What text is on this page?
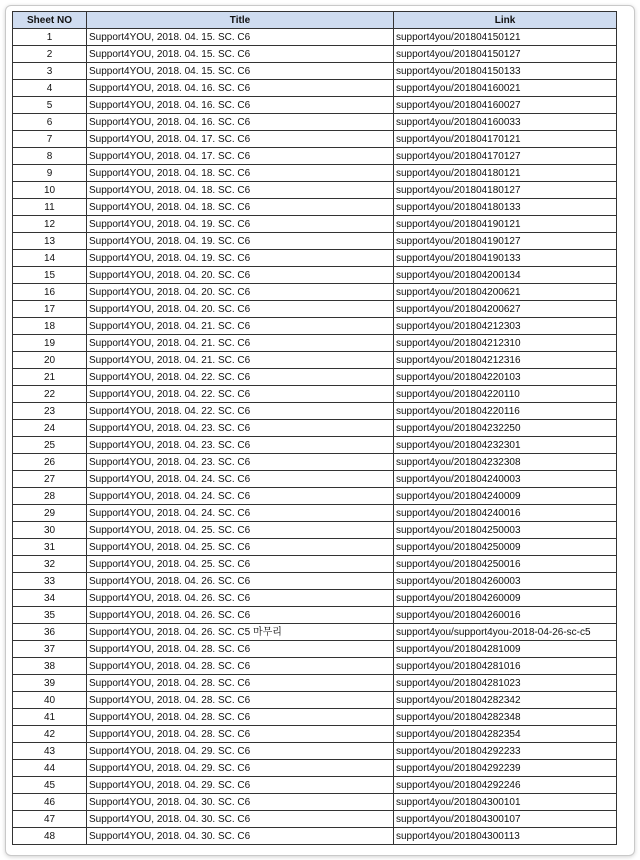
Sheet NO	Title	Link
1	Support4YOU, 2018. 04. 15. SC. C6	support4you/201804150121
2	Support4YOU, 2018. 04. 15. SC. C6	support4you/201804150127
3	Support4YOU, 2018. 04. 15. SC. C6	support4you/201804150133
4	Support4YOU, 2018. 04. 16. SC. C6	support4you/201804160021
5	Support4YOU, 2018. 04. 16. SC. C6	support4you/201804160027
6	Support4YOU, 2018. 04. 16. SC. C6	support4you/201804160033
7	Support4YOU, 2018. 04. 17. SC. C6	support4you/201804170121
8	Support4YOU, 2018. 04. 17. SC. C6	support4you/201804170127
9	Support4YOU, 2018. 04. 18. SC. C6	support4you/201804180121
10	Support4YOU, 2018. 04. 18. SC. C6	support4you/201804180127
11	Support4YOU, 2018. 04. 18. SC. C6	support4you/201804180133
12	Support4YOU, 2018. 04. 19. SC. C6	support4you/201804190121
13	Support4YOU, 2018. 04. 19. SC. C6	support4you/201804190127
14	Support4YOU, 2018. 04. 19. SC. C6	support4you/201804190133
15	Support4YOU, 2018. 04. 20. SC. C6	support4you/201804200134
16	Support4YOU, 2018. 04. 20. SC. C6	support4you/201804200621
17	Support4YOU, 2018. 04. 20. SC. C6	support4you/201804200627
18	Support4YOU, 2018. 04. 21. SC. C6	support4you/201804212303
19	Support4YOU, 2018. 04. 21. SC. C6	support4you/201804212310
20	Support4YOU, 2018. 04. 21. SC. C6	support4you/201804212316
21	Support4YOU, 2018. 04. 22. SC. C6	support4you/201804220103
22	Support4YOU, 2018. 04. 22. SC. C6	support4you/201804220110
23	Support4YOU, 2018. 04. 22. SC. C6	support4you/201804220116
24	Support4YOU, 2018. 04. 23. SC. C6	support4you/201804232250
25	Support4YOU, 2018. 04. 23. SC. C6	support4you/201804232301
26	Support4YOU, 2018. 04. 23. SC. C6	support4you/201804232308
27	Support4YOU, 2018. 04. 24. SC. C6	support4you/201804240003
28	Support4YOU, 2018. 04. 24. SC. C6	support4you/201804240009
29	Support4YOU, 2018. 04. 24. SC. C6	support4you/201804240016
30	Support4YOU, 2018. 04. 25. SC. C6	support4you/201804250003
31	Support4YOU, 2018. 04. 25. SC. C6	support4you/201804250009
32	Support4YOU, 2018. 04. 25. SC. C6	support4you/201804250016
33	Support4YOU, 2018. 04. 26. SC. C6	support4you/201804260003
34	Support4YOU, 2018. 04. 26. SC. C6	support4you/201804260009
35	Support4YOU, 2018. 04. 26. SC. C6	support4you/201804260016
36	Support4YOU, 2018. 04. 26. SC. C5 마무리	support4you/support4you-2018-04-26-sc-c5
37	Support4YOU, 2018. 04. 28. SC. C6	support4you/201804281009
38	Support4YOU, 2018. 04. 28. SC. C6	support4you/201804281016
39	Support4YOU, 2018. 04. 28. SC. C6	support4you/201804281023
40	Support4YOU, 2018. 04. 28. SC. C6	support4you/201804282342
41	Support4YOU, 2018. 04. 28. SC. C6	support4you/201804282348
42	Support4YOU, 2018. 04. 28. SC. C6	support4you/201804282354
43	Support4YOU, 2018. 04. 29. SC. C6	support4you/201804292233
44	Support4YOU, 2018. 04. 29. SC. C6	support4you/201804292239
45	Support4YOU, 2018. 04. 29. SC. C6	support4you/201804292246
46	Support4YOU, 2018. 04. 30. SC. C6	support4you/201804300101
47	Support4YOU, 2018. 04. 30. SC. C6	support4you/201804300107
48	Support4YOU, 2018. 04. 30. SC. C6	support4you/201804300113
